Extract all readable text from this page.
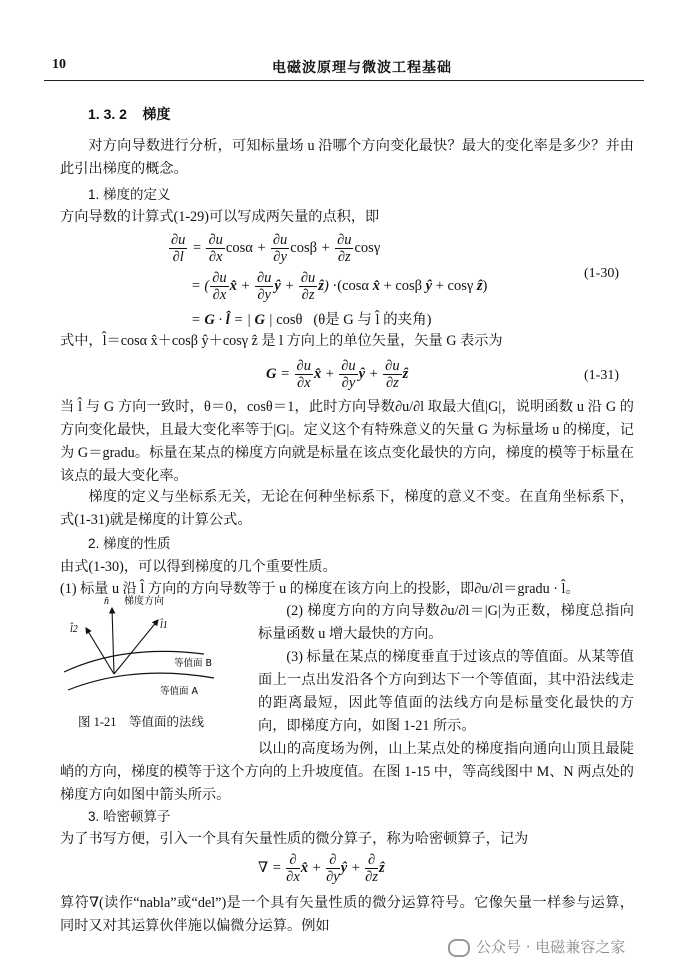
10	电磁波原理与微波工程基础
1. 3. 2 梯度
对方向导数进行分析，可知标量场 u 沿哪个方向变化最快？最大的变化率是多少？并由此引出梯度的概念。
1. 梯度的定义
方向导数的计算式(1-29)可以写成两矢量的点积，即
$\frac{\partial u}{\partial l} = \frac{\partial u}{\partial x}$ $\cos\alpha + \frac{\partial u}{\partial y}$ $\cos\beta + \frac{\partial u}{\partial z}$ cosγ
= ( $\frac{\partial u}{\partial x}$ x̂ + $\frac{\partial u}{\partial y}$ ŷ + $\frac{\partial u}{\partial z}$ ẑ) ·(cosα x̂ + cosβ ŷ + cosγ ẑ)
(1-30)
= G · l̂ = | G | cosθ (θ是 G 与 l̂ 的夹角)
式中，l̂＝cosα x̂＋cosβ ŷ＋cosγ ẑ 是 l 方向上的单位矢量，矢量 G 表示为
$G = \frac{\partial u}{\partial x}$ x̂ + $\frac{\partial u}{\partial y}$ ŷ + $\frac{\partial u}{\partial z}$ ẑ	(1-31)
当 l̂ 与 G 方向一致时，θ＝0，cosθ＝1，此时方向导数∂u/∂l 取最大值|G|，说明函数 u 沿 G 的方向变化最快，且最大变化率等于|G|。定义这个有特殊意义的矢量 G 为标量场 u 的梯度，记为 G＝gradu。标量在某点的梯度方向就是标量在该点变化最快的方向，梯度的模等于标量在该点的最大变化率。
梯度的定义与坐标系无关，无论在何种坐标系下，梯度的意义不变。在直角坐标系下，式(1-31)就是梯度的计算公式。
2. 梯度的性质
由式(1-30)，可以得到梯度的几个重要性质。
(1) 标量 u 沿 l̂ 方向的方向导数等于 u 的梯度在该方向上的投影，即∂u/∂l＝gradu · l̂。
n̂ 梯度方向
l̂2	l̂1
等值面 B
等值面 A
图 1-21　等值面的法线
(2) 梯度方向的方向导数∂u/∂l＝|G|为正数，梯度总指向标量函数 u 增大最快的方向。
(3) 标量在某点的梯度垂直于过该点的等值面。从某等值面上一点出发沿各个方向到达下一个等值面，其中沿法线走的距离最短，因此等值面的法线方向是标量变化最快的方向，即梯度方向，如图 1-21 所示。
以山的高度场为例，山上某点处的梯度指向通向山顶且最陡峭的方向，梯度的模等于这个方向的上升坡度值。在图 1-15 中，等高线图中 M、N 两点处的梯度方向如图中箭头所示。
3. 哈密顿算子
为了书写方便，引入一个具有矢量性质的微分算子，称为哈密顿算子，记为
∇ = $\frac{\partial}{\partial x}$ x̂ + $\frac{\partial}{\partial y}$ ŷ + $\frac{\partial}{\partial z}$ ẑ
算符∇(读作“nabla”或“del”)是一个具有矢量性质的微分运算符号。它像矢量一样参与运算，同时又对其运算伙伴施以偏微分运算。例如
公众号 · 电磁兼容之家
